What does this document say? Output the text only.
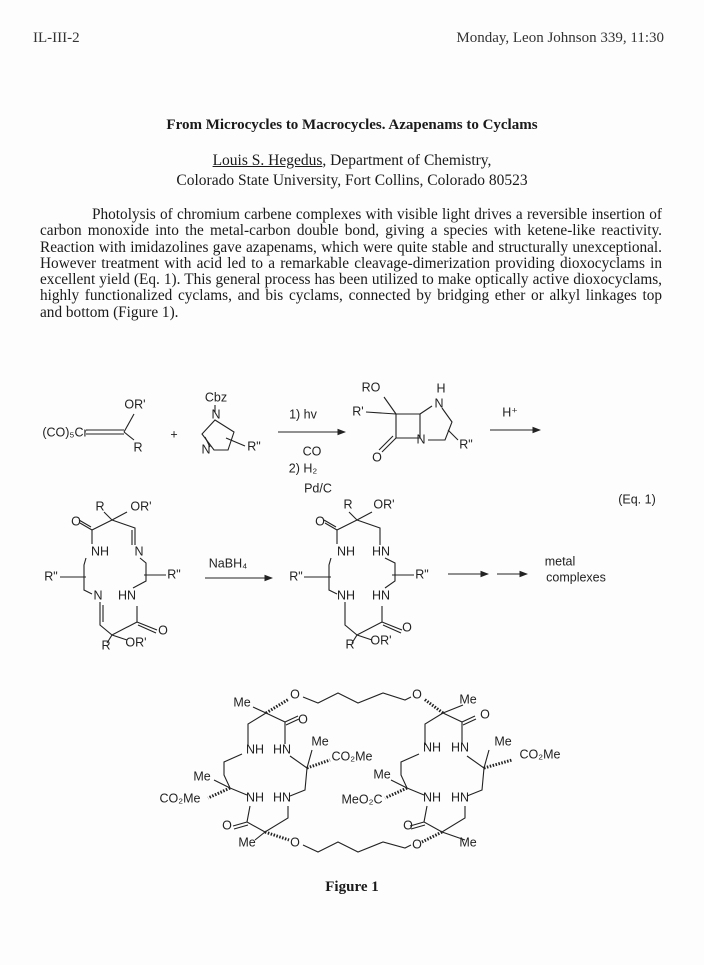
IL-III-2	Monday, Leon Johnson 339, 11:30
From Microcycles to Macrocycles. Azapenams to Cyclams
Louis S. Hegedus, Department of Chemistry,
Colorado State University, Fort Collins, Colorado 80523
Photolysis of chromium carbene complexes with visible light drives a reversible insertion of carbon monoxide into the metal-carbon double bond, giving a species with ketene-like reactivity. Reaction with imidazolines gave azapenams, which were quite stable and structurally unexceptional. However treatment with acid led to a remarkable cleavage-dimerization providing dioxocyclams in excellent yield (Eq. 1). This general process has been utilized to make optically active dioxocyclams, highly functionalized cyclams, and bis cyclams, connected by bridging ether or alkyl linkages top and bottom (Figure 1).
OR'
(CO)₅Cr
R
+
Cbz
N
N	R"
1) hv
CO
2) H₂
Pd/C
RO	H
R'
N
N
O
R"
H⁺
(Eq. 1)
R OR'
O
NH N
R"	R"
N HN
O
R OR'
NaBH₄
R OR'
O
NH HN
R"	R"
NH HN
O
R OR'
metal
complexes
O	O
Me	Me
O	O
NH HN
Me
CO₂Me
NH HN Me
CO₂Me
Me
CO₂Me	NH HN
Me
MeO₂C	NH HN
O	O
Me	O	O	Me
Figure 1
